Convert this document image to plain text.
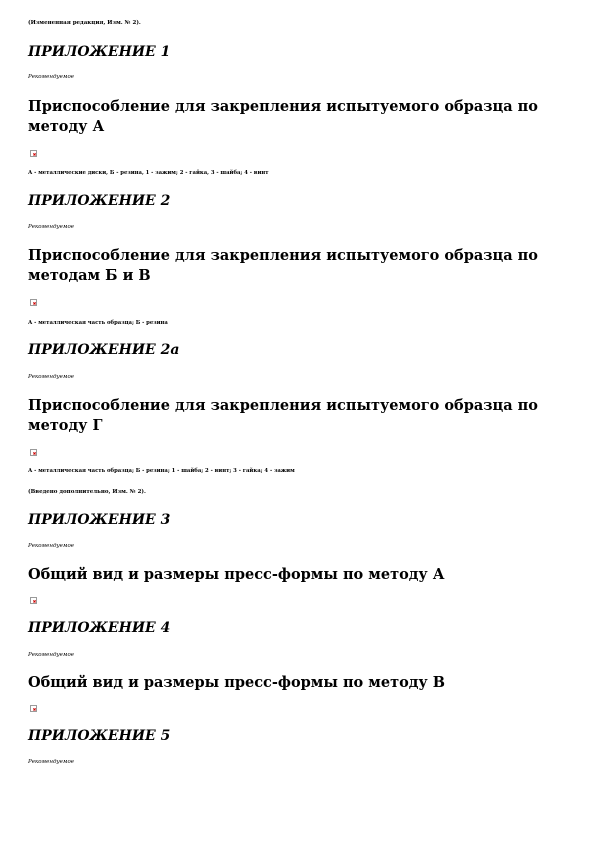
(Измененная редакция, Изм. № 2).
ПРИЛОЖЕНИЕ 1
Рекомендуемое
Приспособление для закрепления испытуемого образца по методу А
А - металлические диски, Б - резина, 1 - зажим; 2 - гайка, 3 - шайба; 4 - винт
ПРИЛОЖЕНИЕ 2
Рекомендуемое
Приспособление для закрепления испытуемого образца по методам Б и В
А - металлическая часть образца; Б - резина
ПРИЛОЖЕНИЕ 2а
Рекомендуемое
Приспособление для закрепления испытуемого образца по методу Г
А - металлическая часть образца; Б - резина; 1 - шайба; 2 - винт; 3 - гайка; 4 - зажим
(Введено дополнительно, Изм. № 2).
ПРИЛОЖЕНИЕ 3
Рекомендуемое
Общий вид и размеры пресс-формы по методу А
ПРИЛОЖЕНИЕ 4
Рекомендуемое
Общий вид и размеры пресс-формы по методу В
ПРИЛОЖЕНИЕ 5
Рекомендуемое
